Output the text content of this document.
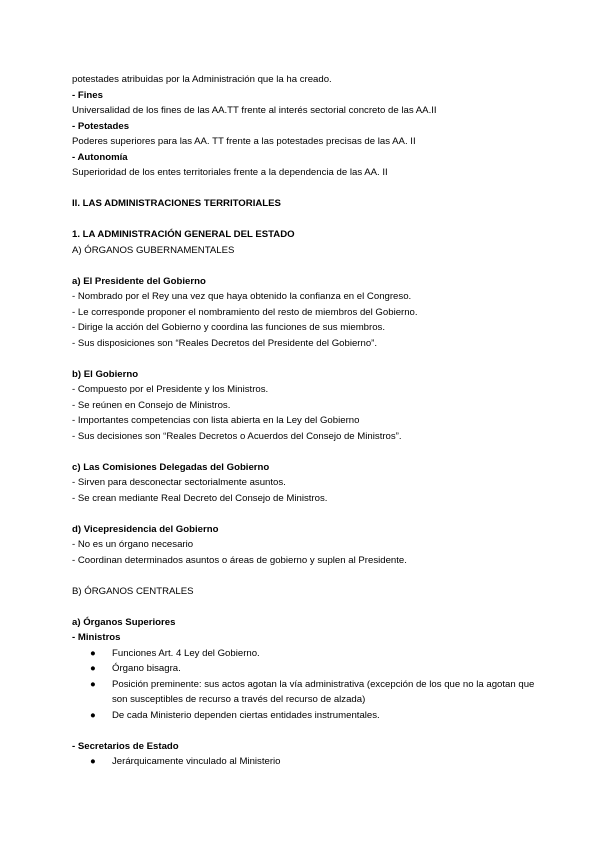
potestades atribuidas por la Administración que la ha creado.
- Fines
Universalidad de los fines de las AA.TT frente al interés sectorial concreto de las AA.II
- Potestades
Poderes superiores para las AA. TT frente a las potestades precisas de las AA. II
- Autonomía
Superioridad de los entes territoriales frente a la dependencia de las AA. II
II. LAS ADMINISTRACIONES TERRITORIALES
1. LA ADMINISTRACIÓN GENERAL DEL ESTADO
A) ÓRGANOS GUBERNAMENTALES
a) El Presidente del Gobierno
- Nombrado por el Rey una vez que haya obtenido la confianza en el Congreso.
- Le corresponde proponer el nombramiento del resto de miembros del Gobierno.
- Dirige la acción del Gobierno y coordina las funciones de sus miembros.
- Sus disposiciones son “Reales Decretos del Presidente del Gobierno”.
b) El Gobierno
- Compuesto por el Presidente y los Ministros.
- Se reúnen en Consejo de Ministros.
- Importantes competencias con lista abierta en la Ley del Gobierno
- Sus decisiones son “Reales Decretos o Acuerdos del Consejo de Ministros”.
c) Las Comisiones Delegadas del Gobierno
- Sirven para desconectar sectorialmente asuntos.
- Se crean mediante Real Decreto del Consejo de Ministros.
d) Vicepresidencia del Gobierno
- No es un órgano necesario
- Coordinan determinados asuntos o áreas de gobierno y suplen al Presidente.
B) ÓRGANOS CENTRALES
a) Órganos Superiores
- Ministros
●	Funciones Art. 4 Ley del Gobierno.
●	Órgano bisagra.
●	Posición preminente: sus actos agotan la vía administrativa (excepción de los que no la agotan que son susceptibles de recurso a través del recurso de alzada)
●	De cada Ministerio dependen ciertas entidades instrumentales.
- Secretarios de Estado
●	Jerárquicamente vinculado al Ministerio
